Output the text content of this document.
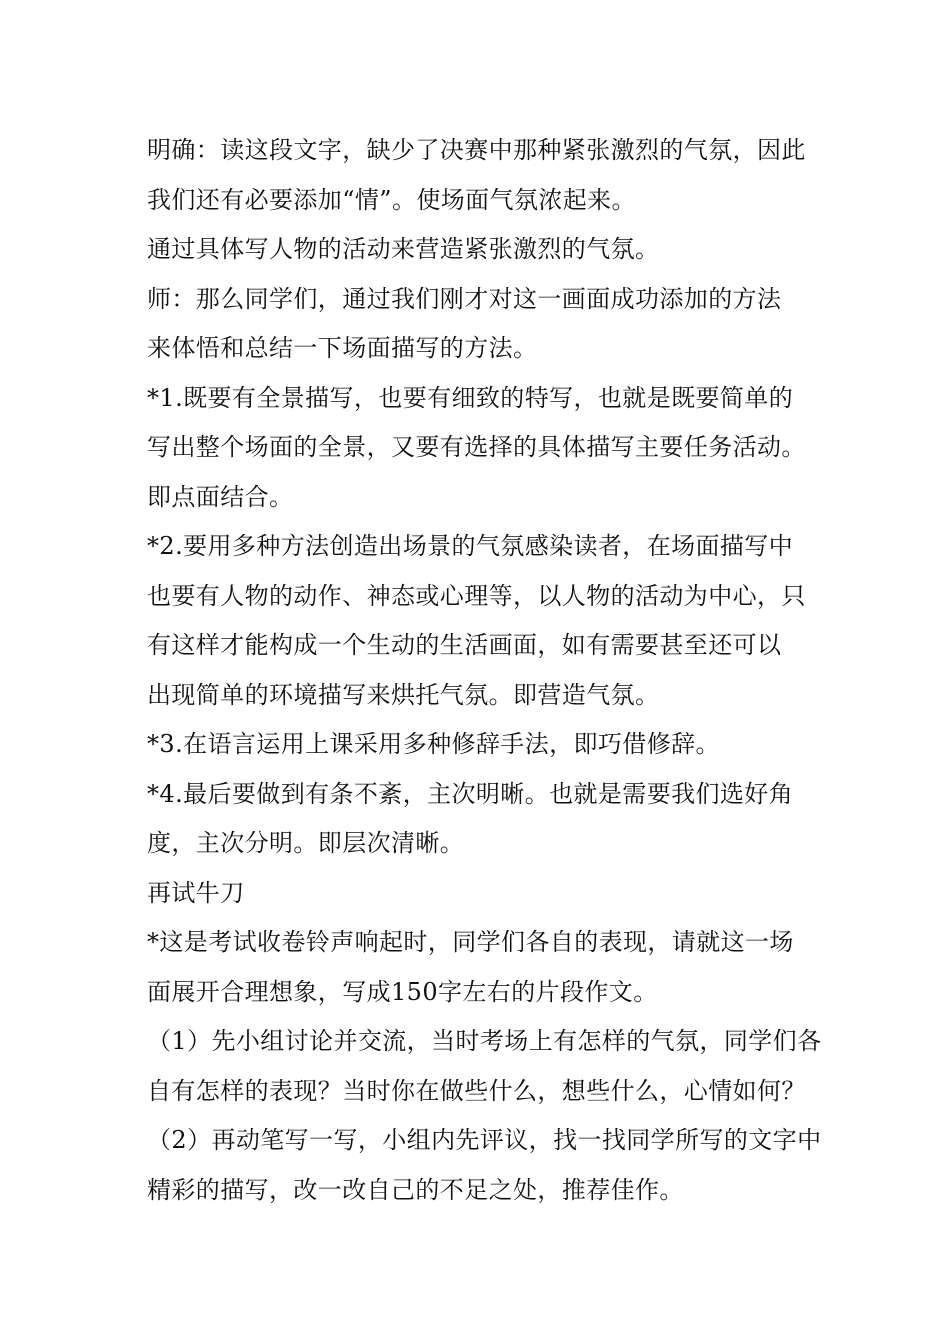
明确：读这段文字，缺少了决赛中那种紧张激烈的气氛，因此
我们还有必要添加“情”。使场面气氛浓起来。
通过具体写人物的活动来营造紧张激烈的气氛。
师：那么同学们，通过我们刚才对这一画面成功添加的方法
来体悟和总结一下场面描写的方法。
*1.既要有全景描写，也要有细致的特写，也就是既要简单的
写出整个场面的全景，又要有选择的具体描写主要任务活动。
即点面结合。
*2.要用多种方法创造出场景的气氛感染读者，在场面描写中
也要有人物的动作、神态或心理等，以人物的活动为中心，只
有这样才能构成一个生动的生活画面，如有需要甚至还可以
出现简单的环境描写来烘托气氛。即营造气氛。
*3.在语言运用上课采用多种修辞手法，即巧借修辞。
*4.最后要做到有条不紊，主次明晰。也就是需要我们选好角
度，主次分明。即层次清晰。
再试牛刀
*这是考试收卷铃声响起时，同学们各自的表现，请就这一场
面展开合理想象，写成150字左右的片段作文。
（1）先小组讨论并交流，当时考场上有怎样的气氛，同学们各
自有怎样的表现？当时你在做些什么，想些什么，心情如何？
（2）再动笔写一写，小组内先评议，找一找同学所写的文字中
精彩的描写，改一改自己的不足之处，推荐佳作。
